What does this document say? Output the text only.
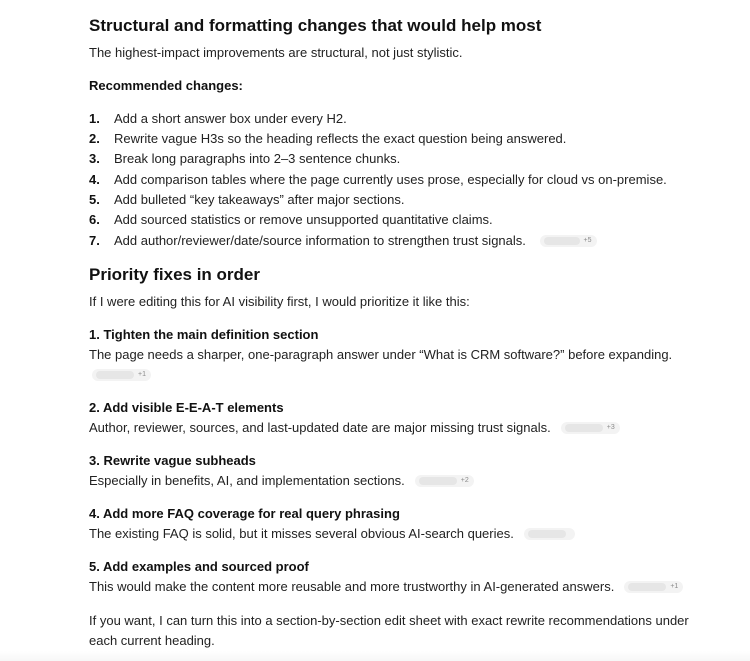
Structural and formatting changes that would help most
The highest-impact improvements are structural, not just stylistic.
Recommended changes:
1. Add a short answer box under every H2.
2. Rewrite vague H3s so the heading reflects the exact question being answered.
3. Break long paragraphs into 2–3 sentence chunks.
4. Add comparison tables where the page currently uses prose, especially for cloud vs on-premise.
5. Add bulleted “key takeaways” after major sections.
6. Add sourced statistics or remove unsupported quantitative claims.
7. Add author/reviewer/date/source information to strengthen trust signals.	$^{+5}$
Priority fixes in order
If I were editing this for AI visibility first, I would prioritize it like this:
1. Tighten the main definition section
The page needs a sharper, one-paragraph answer under “What is CRM software?” before expanding.
$^{+1}$
2. Add visible E-E-A-T elements
Author, reviewer, sources, and last-updated date are major missing trust signals.	$^{+3}$
3. Rewrite vague subheads
Especially in benefits, AI, and implementation sections.	$^{+2}$
4. Add more FAQ coverage for real query phrasing
The existing FAQ is solid, but it misses several obvious AI-search queries.
5. Add examples and sourced proof
This would make the content more reusable and more trustworthy in AI-generated answers.	$^{+1}$
If you want, I can turn this into a section-by-section edit sheet with exact rewrite recommendations under
each current heading.
